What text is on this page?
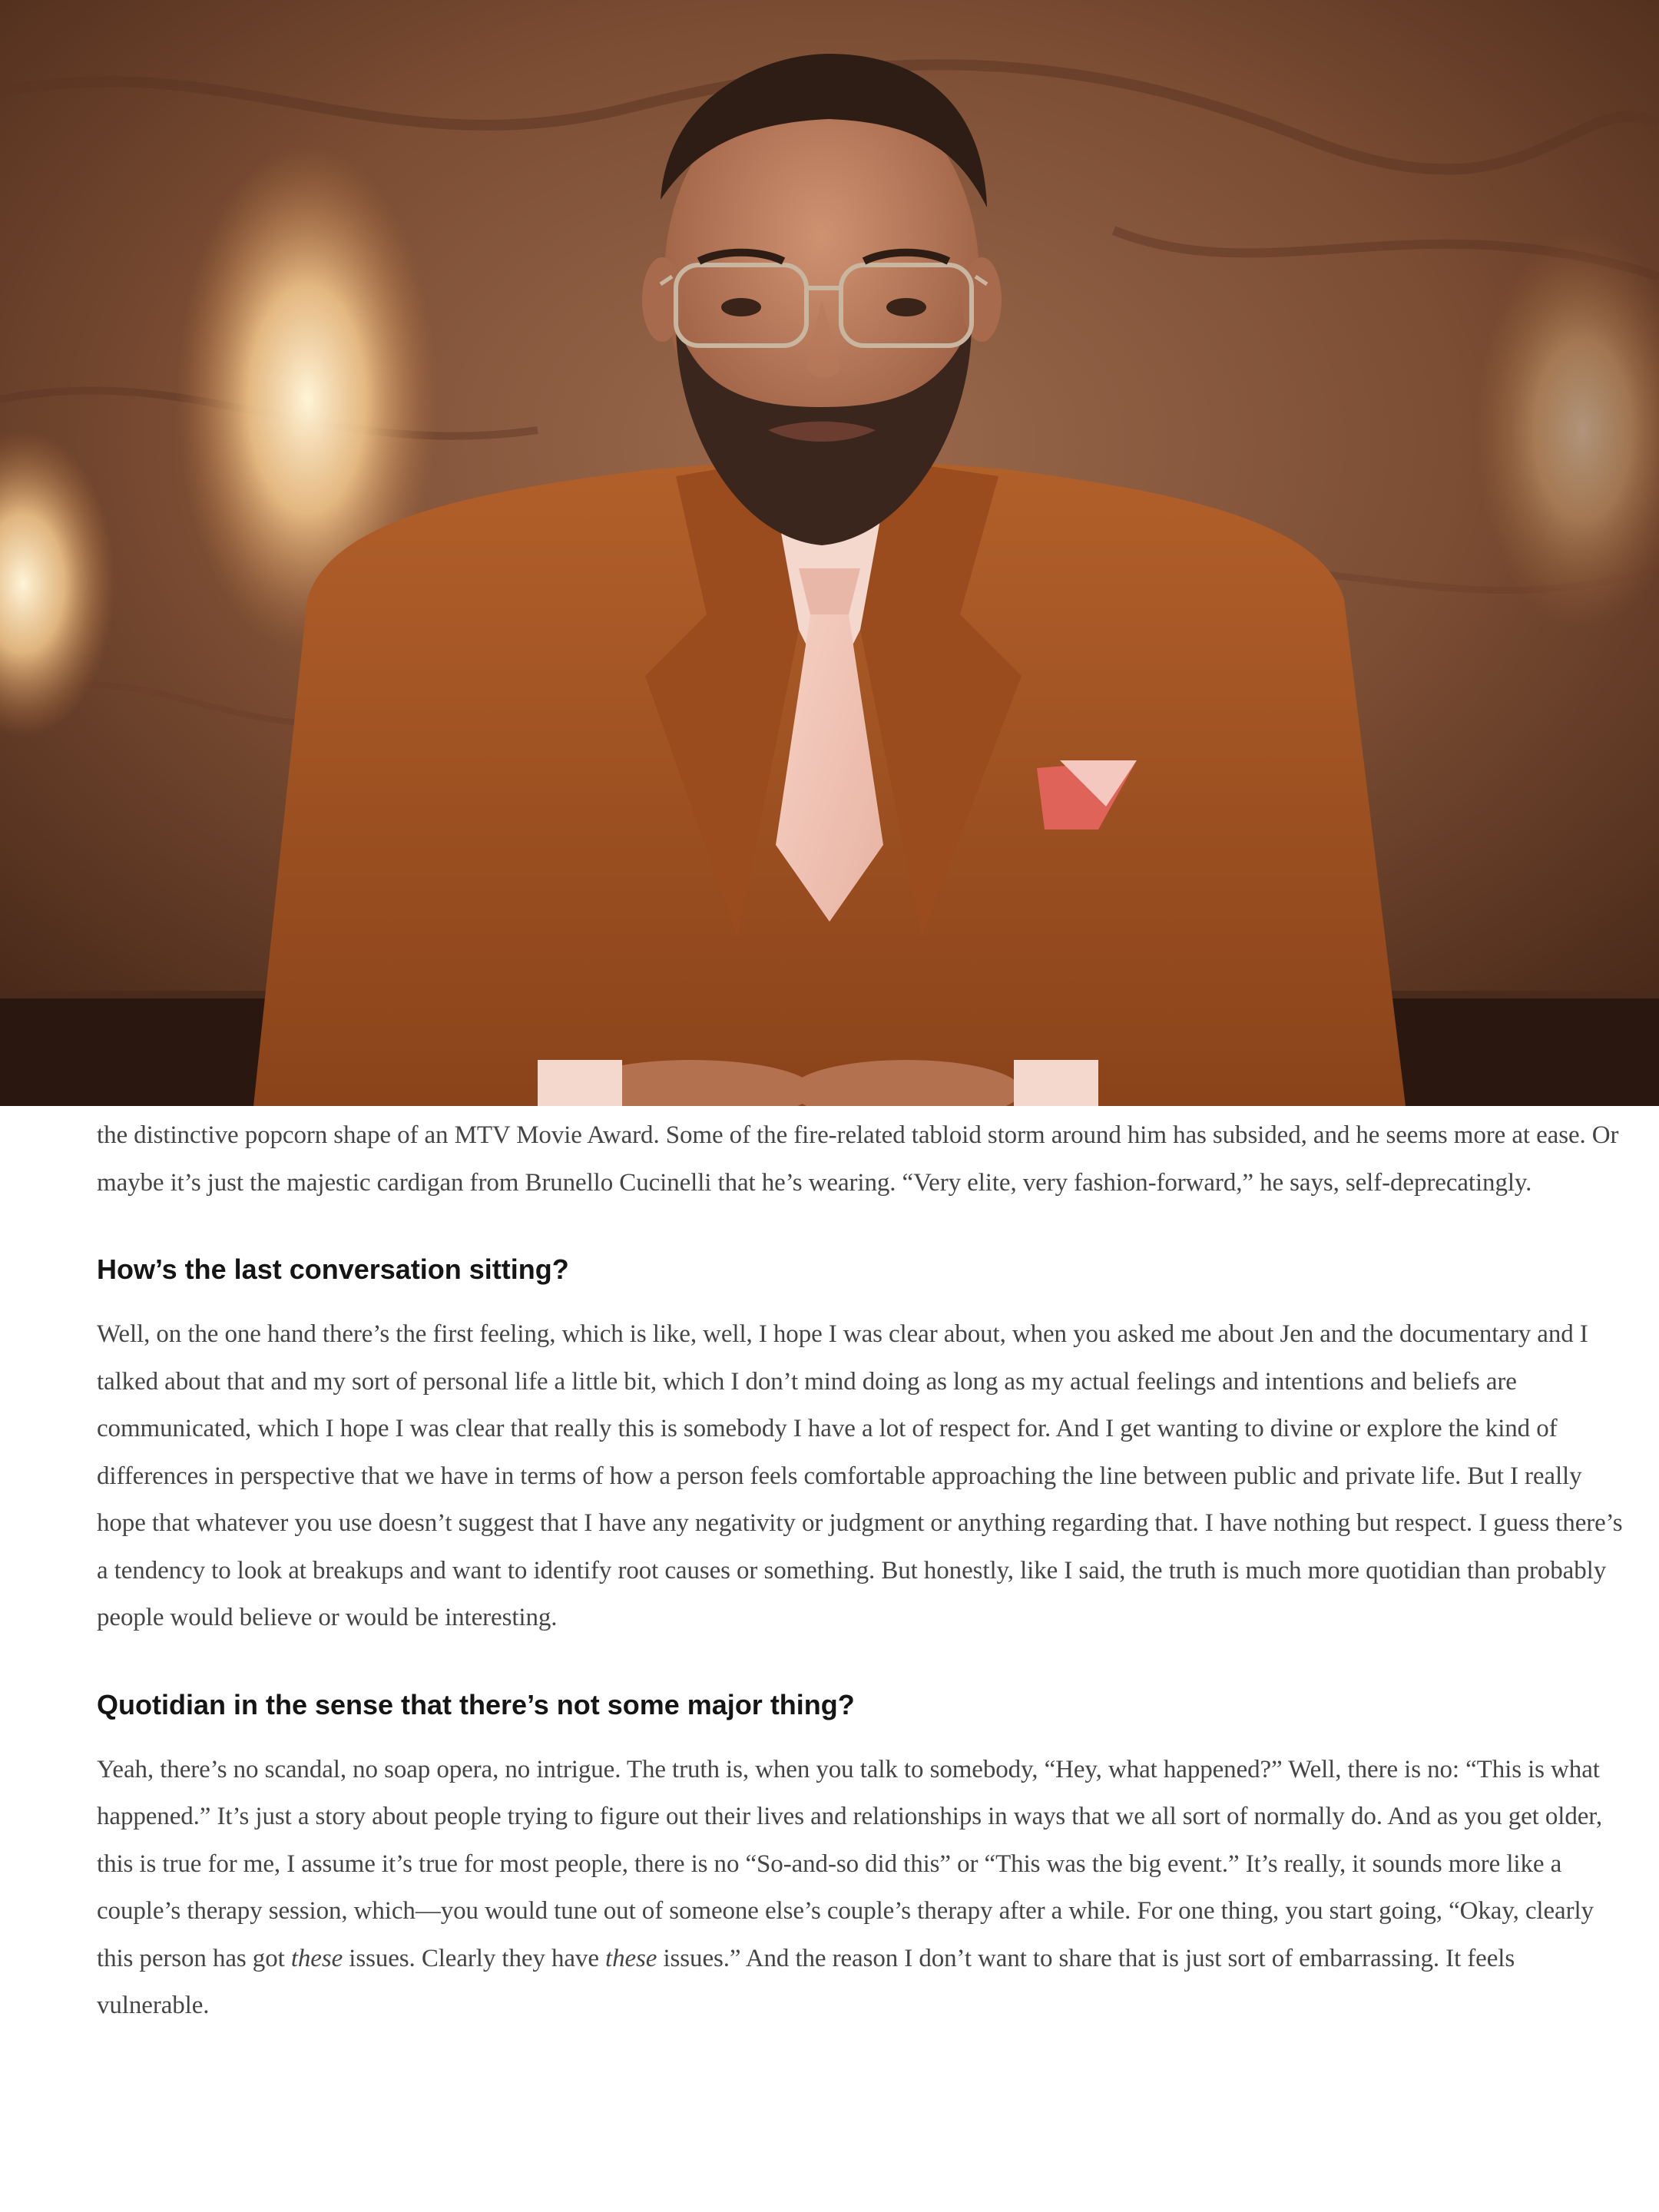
the distinctive popcorn shape of an MTV Movie Award. Some of the fire-related tabloid storm around him has subsided, and he seems more at ease. Or maybe it’s just the majestic cardigan from Brunello Cucinelli that he’s wearing. “Very elite, very fashion-forward,” he says, self-deprecatingly.

How’s the last conversation sitting?

Well, on the one hand there’s the first feeling, which is like, well, I hope I was clear about, when you asked me about Jen and the documentary and I talked about that and my sort of personal life a little bit, which I don’t mind doing as long as my actual feelings and intentions and beliefs are communicated, which I hope I was clear that really this is somebody I have a lot of respect for. And I get wanting to divine or explore the kind of differences in perspective that we have in terms of how a person feels comfortable approaching the line between public and private life. But I really hope that whatever you use doesn’t suggest that I have any negativity or judgment or anything regarding that. I have nothing but respect. I guess there’s a tendency to look at breakups and want to identify root causes or something. But honestly, like I said, the truth is much more quotidian than probably people would believe or would be interesting.

Quotidian in the sense that there’s not some major thing?

Yeah, there’s no scandal, no soap opera, no intrigue. The truth is, when you talk to somebody, “Hey, what happened?” Well, there is no: “This is what happened.” It’s just a story about people trying to figure out their lives and relationships in ways that we all sort of normally do. And as you get older, this is true for me, I assume it’s true for most people, there is no “So-and-so did this” or “This was the big event.” It’s really, it sounds more like a couple’s therapy session, which—you would tune out of someone else’s couple’s therapy after a while. For one thing, you start going, “Okay, clearly this person has got these issues. Clearly they have these issues.” And the reason I don’t want to share that is just sort of embarrassing. It feels vulnerable.
